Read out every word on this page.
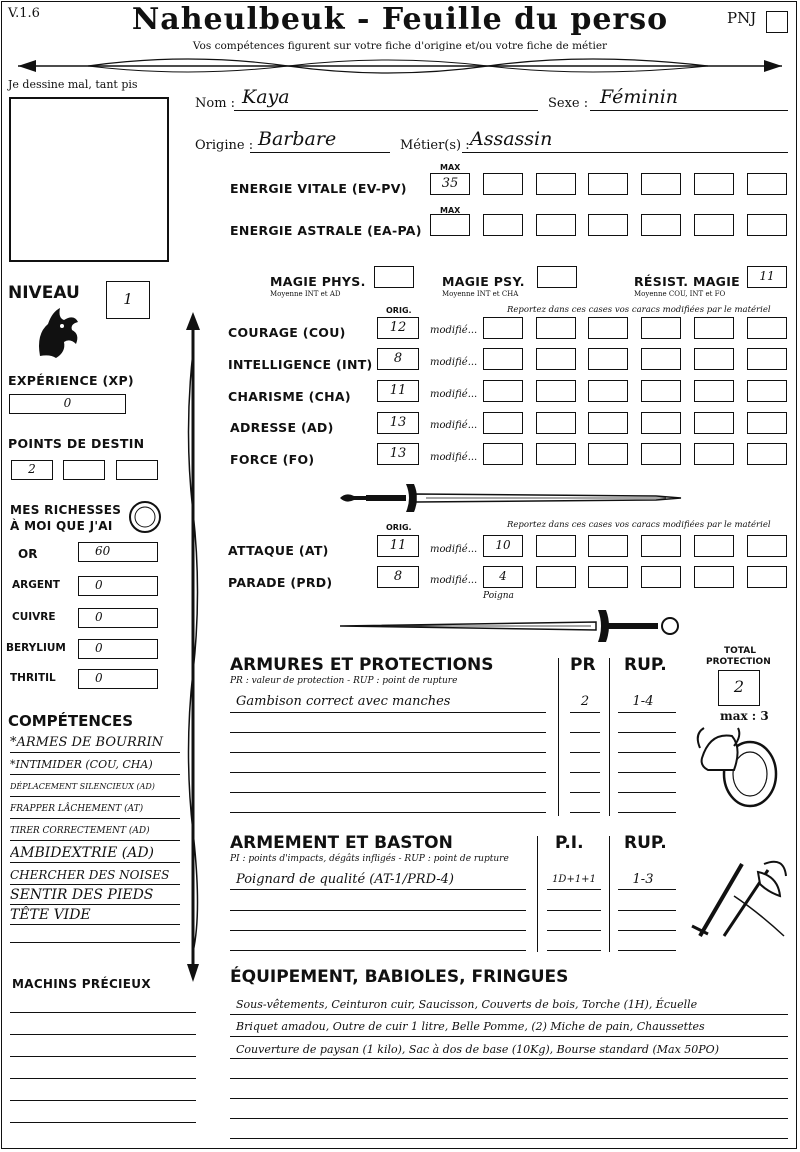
V.1.6	Naheulbeuk - Feuille du perso
Vos compétences figurent sur votre fiche d'origine et/ou votre fiche de métier
PNJ
Je dessine mal, tant pis
Nom : Kaya	Sexe : Féminin
Origine : Barbare	Métier(s) : Assassin
MAX
ENERGIE VITALE (EV-PV)	35
MAX
ENERGIE ASTRALE (EA-PA)
MAGIE PHYS.
Moyenne INT et AD
MAGIE PSY.
Moyenne INT et CHA
RÉSIST. MAGIE
Moyenne COU, INT et FO
11
NIVEAU	1
EXPÉRIENCE (XP)
0
POINTS DE DESTIN
2
MES RICHESSES
À MOI QUE J'AI
OR	60
ARGENT	0
CUIVRE	0
BERYLIUM	0
THRITIL	0
COMPÉTENCES
*ARMES DE BOURRIN
*INTIMIDER (COU, CHA)
DÉPLACEMENT SILENCIEUX (AD)
FRAPPER LÂCHEMENT (AT)
TIRER CORRECTEMENT (AD)
AMBIDEXTRIE (AD)
CHERCHER DES NOISES
SENTIR DES PIEDS
TÊTE VIDE
ORIG.	Reportez dans ces cases vos caracs modifiées par le matériel
COURAGE (COU)	12	modifié...
INTELLIGENCE (INT)	8	modifié...
CHARISME (CHA)	11	modifié...
ADRESSE (AD)	13	modifié...
FORCE (FO)	13	modifié...
ORIG.	Reportez dans ces cases vos caracs modifiées par le matériel
ATTAQUE (AT)	11	modifié...	10
PARADE (PRD)	8	modifié...	4
Poigna
ARMURES ET PROTECTIONS
PR : valeur de protection - RUP : point de rupture
PR RUP.
Gambison correct avec manches	2	1-4
TOTAL
PROTECTION
2
max : 3
ARMEMENT ET BASTON
PI : points d'impacts, dégâts infligés - RUP : point de rupture
P.I. RUP.
Poignard de qualité (AT-1/PRD-4)	1D+1+1	1-3
MACHINS PRÉCIEUX	ÉQUIPEMENT, BABIOLES, FRINGUES
Sous-vêtements, Ceinturon cuir, Saucisson, Couverts de bois, Torche (1H), Écuelle
Briquet amadou, Outre de cuir 1 litre, Belle Pomme, (2) Miche de pain, Chaussettes
Couverture de paysan (1 kilo), Sac à dos de base (10Kg), Bourse standard (Max 50PO)
